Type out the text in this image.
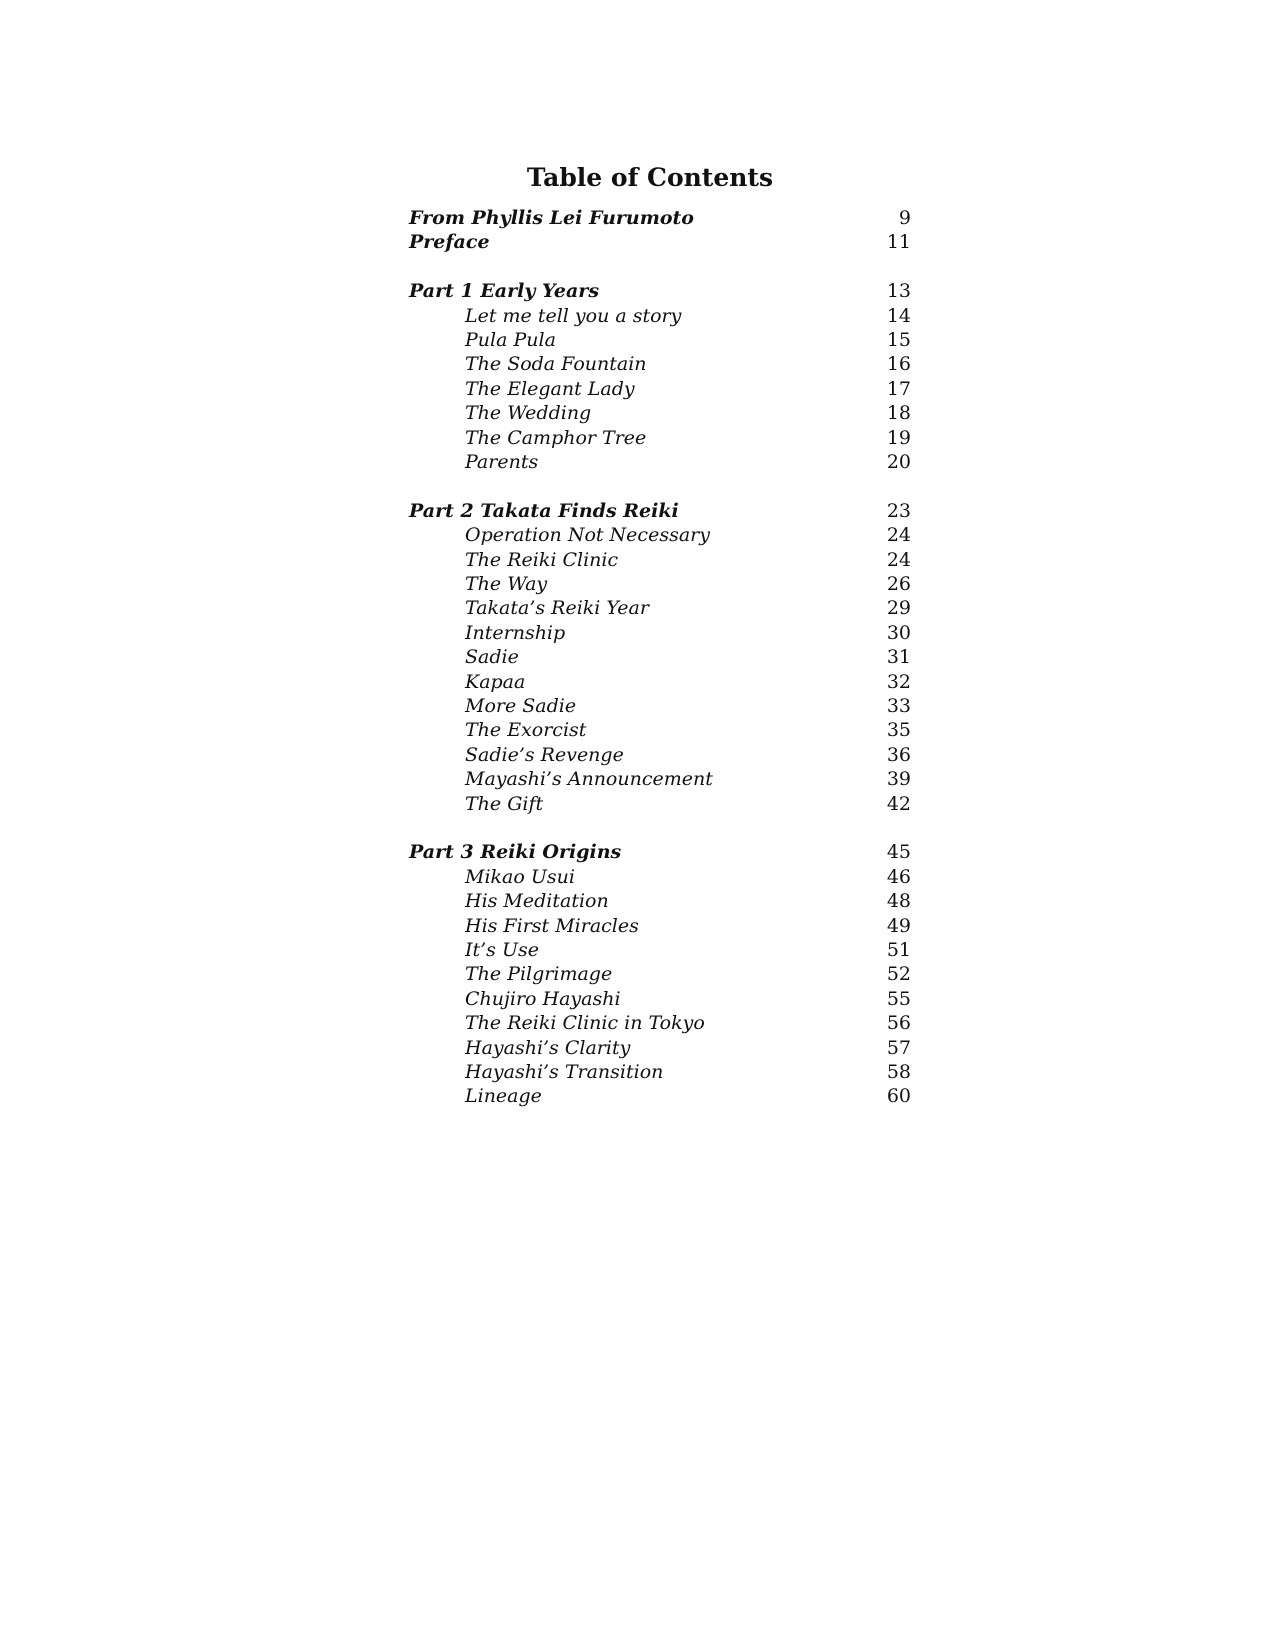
Table of Contents
From Phyllis Lei Furumoto	9
Preface	11
Part 1 Early Years	13
Let me tell you a story	14
Pula Pula	15
The Soda Fountain	16
The Elegant Lady	17
The Wedding	18
The Camphor Tree	19
Parents	20
Part 2 Takata Finds Reiki	23
Operation Not Necessary	24
The Reiki Clinic	24
The Way	26
Takata’s Reiki Year	29
Internship	30
Sadie	31
Kapaa	32
More Sadie	33
The Exorcist	35
Sadie’s Revenge	36
Mayashi’s Announcement	39
The Gift	42
Part 3 Reiki Origins	45
Mikao Usui	46
His Meditation	48
His First Miracles	49
It’s Use	51
The Pilgrimage	52
Chujiro Hayashi	55
The Reiki Clinic in Tokyo	56
Hayashi’s Clarity	57
Hayashi’s Transition	58
Lineage	60
